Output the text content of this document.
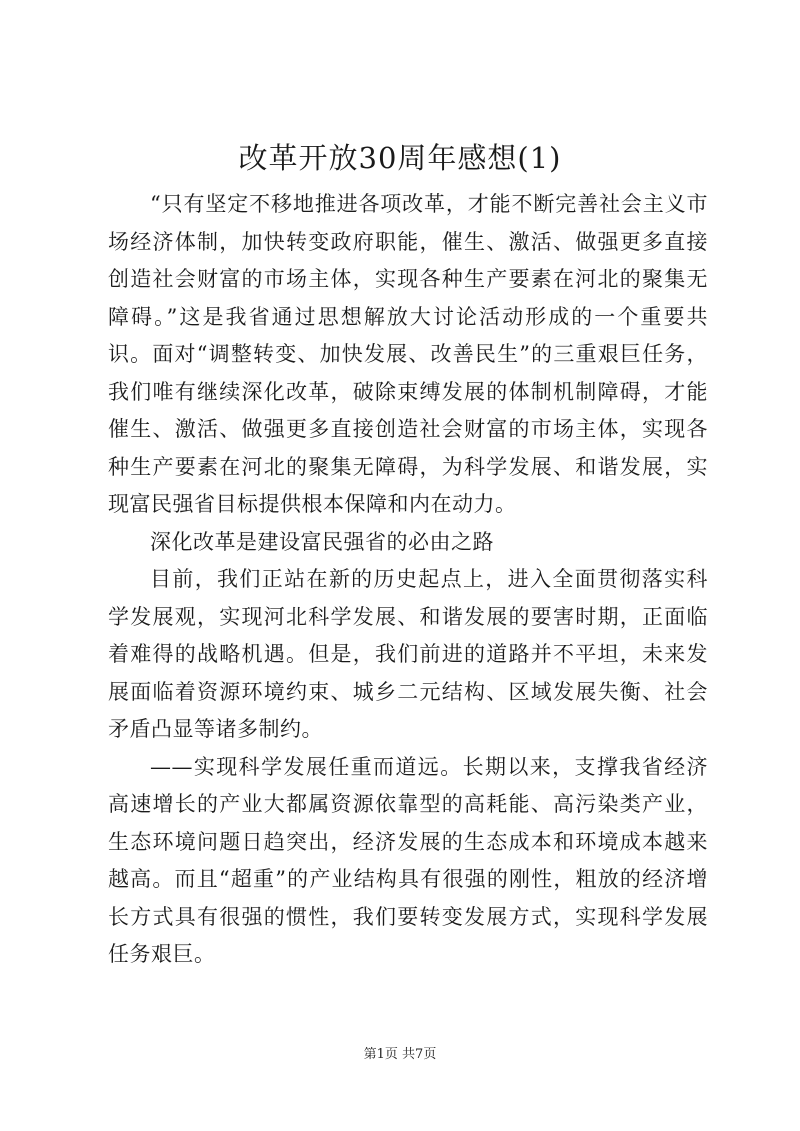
改革开放30周年感想(1)

“只有坚定不移地推进各项改革，才能不断完善社会主义市场经济体制，加快转变政府职能，催生、激活、做强更多直接创造社会财富的市场主体，实现各种生产要素在河北的聚集无障碍。”这是我省通过思想解放大讨论活动形成的一个重要共识。面对“调整转变、加快发展、改善民生”的三重艰巨任务，我们唯有继续深化改革，破除束缚发展的体制机制障碍，才能催生、激活、做强更多直接创造社会财富的市场主体，实现各种生产要素在河北的聚集无障碍，为科学发展、和谐发展，实现富民强省目标提供根本保障和内在动力。

深化改革是建设富民强省的必由之路

目前，我们正站在新的历史起点上，进入全面贯彻落实科学发展观，实现河北科学发展、和谐发展的要害时期，正面临着难得的战略机遇。但是，我们前进的道路并不平坦，未来发展面临着资源环境约束、城乡二元结构、区域发展失衡、社会矛盾凸显等诸多制约。

——实现科学发展任重而道远。长期以来，支撑我省经济高速增长的产业大都属资源依靠型的高耗能、高污染类产业，生态环境问题日趋突出，经济发展的生态成本和环境成本越来越高。而且“超重”的产业结构具有很强的刚性，粗放的经济增长方式具有很强的惯性，我们要转变发展方式，实现科学发展任务艰巨。

第1页 共7页
